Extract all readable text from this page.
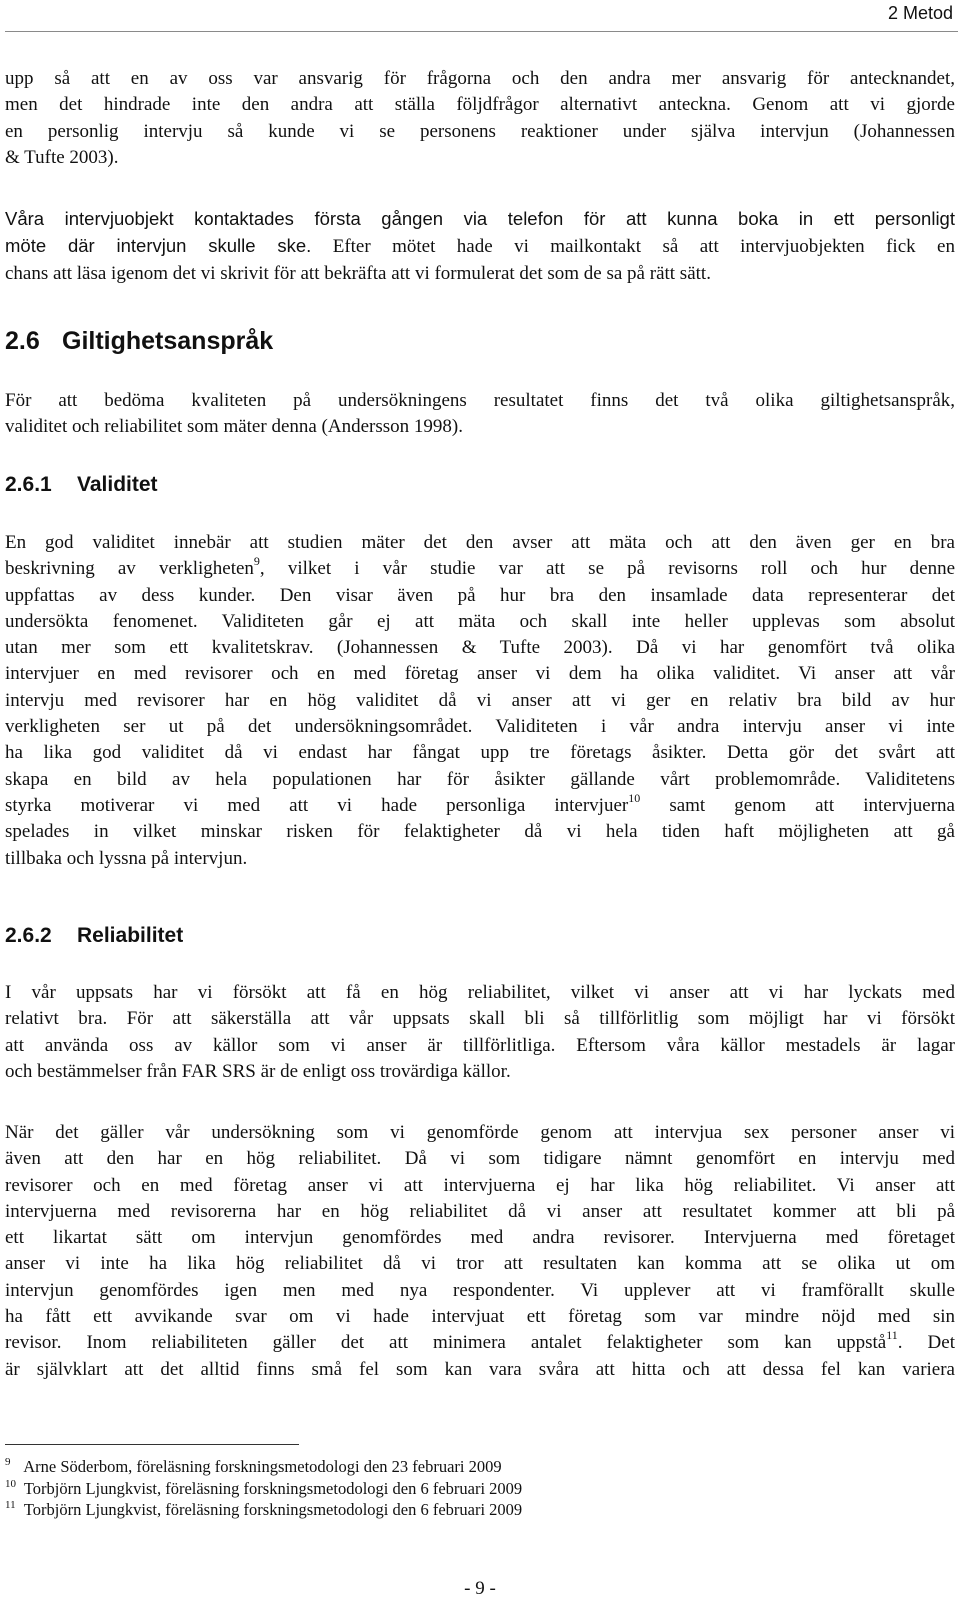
2 Metod
upp så att en av oss var ansvarig för frågorna och den andra mer ansvarig för antecknandet,
men det hindrade inte den andra att ställa följdfrågor alternativt anteckna. Genom att vi gjorde
en personlig intervju så kunde vi se personens reaktioner under själva intervjun (Johannessen
& Tufte 2003).
Våra intervjuobjekt kontaktades första gången via telefon för att kunna boka in ett personligt
möte där intervjun skulle ske. Efter mötet hade vi mailkontakt så att intervjuobjekten fick en
chans att läsa igenom det vi skrivit för att bekräfta att vi formulerat det som de sa på rätt sätt.
2.6 Giltighetsanspråk
För att bedöma kvaliteten på undersökningens resultatet finns det två olika giltighetsanspråk,
validitet och reliabilitet som mäter denna (Andersson 1998).
2.6.1 Validitet
En god validitet innebär att studien mäter det den avser att mäta och att den även ger en bra
beskrivning av verkligheten$^9$, vilket i vår studie var att se på revisorns roll och hur denne
uppfattas av dess kunder. Den visar även på hur bra den insamlade data representerar det
undersökta fenomenet. Validiteten går ej att mäta och skall inte heller upplevas som absolut
utan mer som ett kvalitetskrav. (Johannessen & Tufte 2003). Då vi har genomfört två olika
intervjuer en med revisorer och en med företag anser vi dem ha olika validitet. Vi anser att vår
intervju med revisorer har en hög validitet då vi anser att vi ger en relativ bra bild av hur
verkligheten ser ut på det undersökningsområdet. Validiteten i vår andra intervju anser vi inte
ha lika god validitet då vi endast har fångat upp tre företags åsikter. Detta gör det svårt att
skapa en bild av hela populationen har för åsikter gällande vårt problemområde. Validitetens
styrka motiverar vi med att vi hade personliga intervjuer$^{10}$ samt genom att intervjuerna
spelades in vilket minskar risken för felaktigheter då vi hela tiden haft möjligheten att gå
tillbaka och lyssna på intervjun.
2.6.2 Reliabilitet
I vår uppsats har vi försökt att få en hög reliabilitet, vilket vi anser att vi har lyckats med
relativt bra. För att säkerställa att vår uppsats skall bli så tillförlitlig som möjligt har vi försökt
att använda oss av källor som vi anser är tillförlitliga. Eftersom våra källor mestadels är lagar
och bestämmelser från FAR SRS är de enligt oss trovärdiga källor.
När det gäller vår undersökning som vi genomförde genom att intervjua sex personer anser vi
även att den har en hög reliabilitet. Då vi som tidigare nämnt genomfört en intervju med
revisorer och en med företag anser vi att intervjuerna ej har lika hög reliabilitet. Vi anser att
intervjuerna med revisorerna har en hög reliabilitet då vi anser att resultatet kommer att bli på
ett likartat sätt om intervjun genomfördes med andra revisorer. Intervjuerna med företaget
anser vi inte ha lika hög reliabilitet då vi tror att resultaten kan komma att se olika ut om
intervjun genomfördes igen men med nya respondenter. Vi upplever att vi framförallt skulle
ha fått ett avvikande svar om vi hade intervjuat ett företag som var mindre nöjd med sin
revisor. Inom reliabiliteten gäller det att minimera antalet felaktigheter som kan uppstå$^{11}$. Det
är självklart att det alltid finns små fel som kan vara svåra att hitta och att dessa fel kan variera
$^9$ Arne Söderbom, föreläsning forskningsmetodologi den 23 februari 2009
$^{10}$ Torbjörn Ljungkvist, föreläsning forskningsmetodologi den 6 februari 2009
$^{11}$ Torbjörn Ljungkvist, föreläsning forskningsmetodologi den 6 februari 2009
- 9 -
